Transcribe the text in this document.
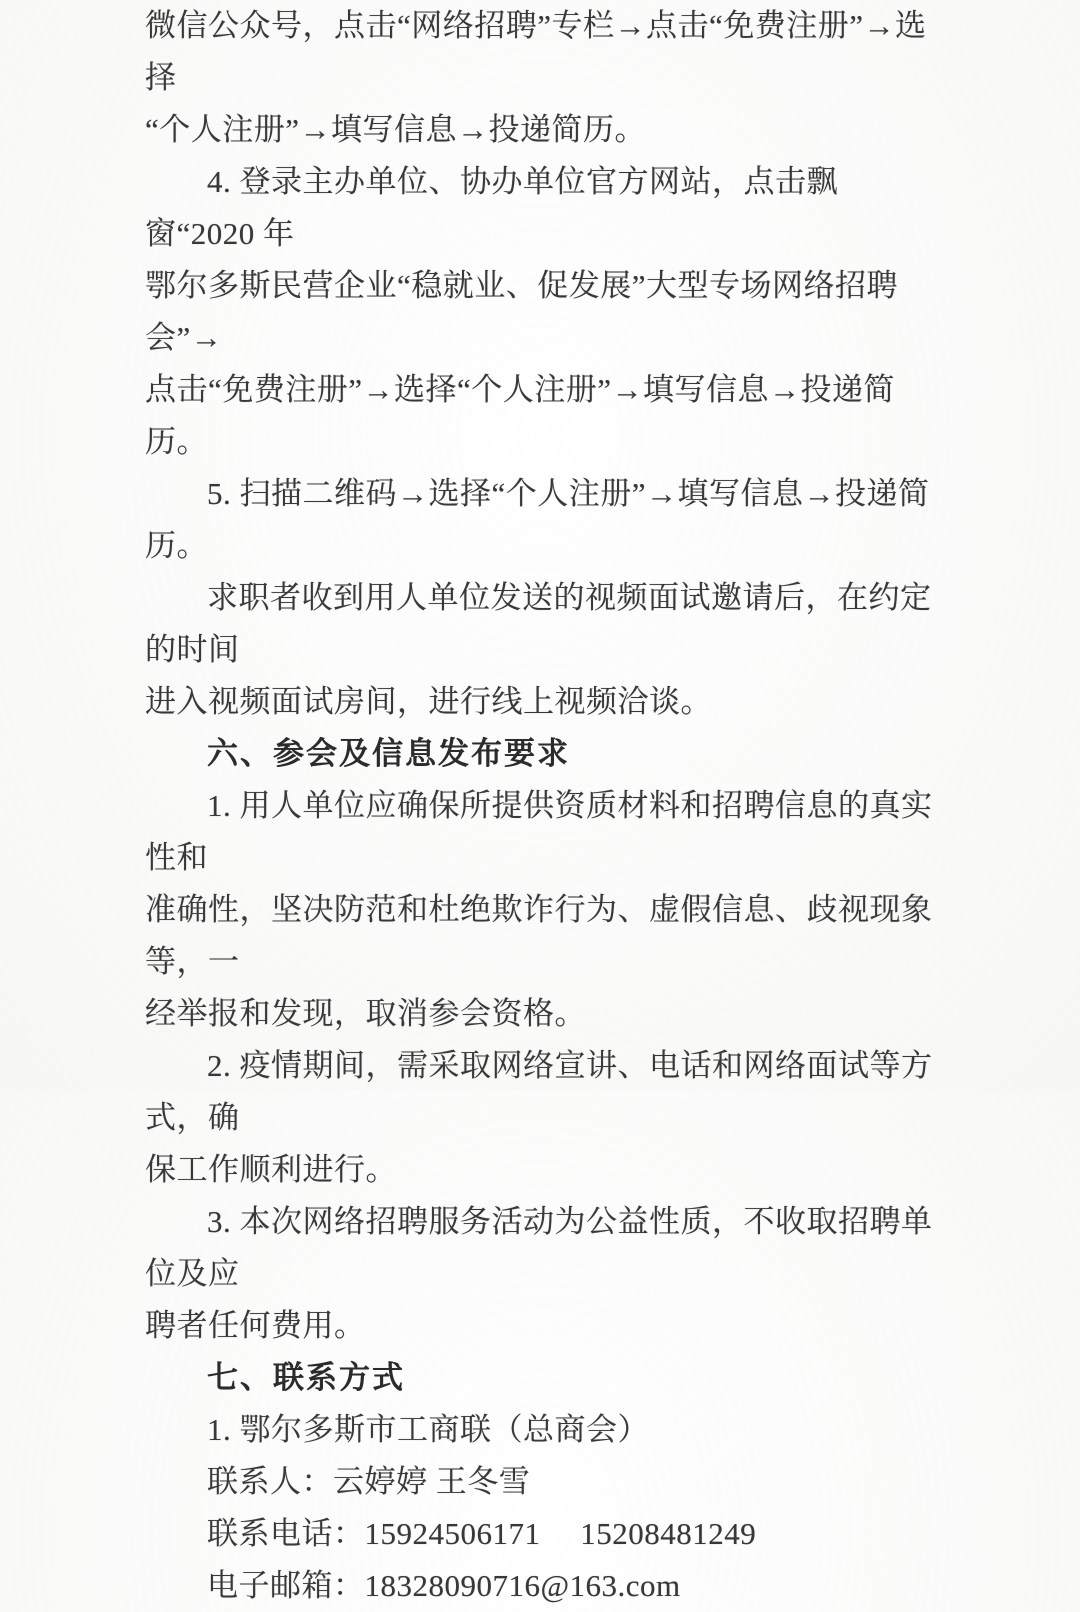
微信公众号，点击“网络招聘”专栏→点击“免费注册”→选择
“个人注册”→填写信息→投递简历。
4. 登录主办单位、协办单位官方网站，点击飘窗“2020 年
鄂尔多斯民营企业“稳就业、促发展”大型专场网络招聘会”→
点击“免费注册”→选择“个人注册”→填写信息→投递简历。
5. 扫描二维码→选择“个人注册”→填写信息→投递简历。
求职者收到用人单位发送的视频面试邀请后，在约定的时间
进入视频面试房间，进行线上视频洽谈。
六、参会及信息发布要求
1. 用人单位应确保所提供资质材料和招聘信息的真实性和
准确性，坚决防范和杜绝欺诈行为、虚假信息、歧视现象等，一
经举报和发现，取消参会资格。
2. 疫情期间，需采取网络宣讲、电话和网络面试等方式，确
保工作顺利进行。
3. 本次网络招聘服务活动为公益性质，不收取招聘单位及应
聘者任何费用。
七、联系方式
1. 鄂尔多斯市工商联（总商会）
联系人：云婷婷 王冬雪
联系电话：15924506171　 15208481249
电子邮箱：18328090716@163.com
